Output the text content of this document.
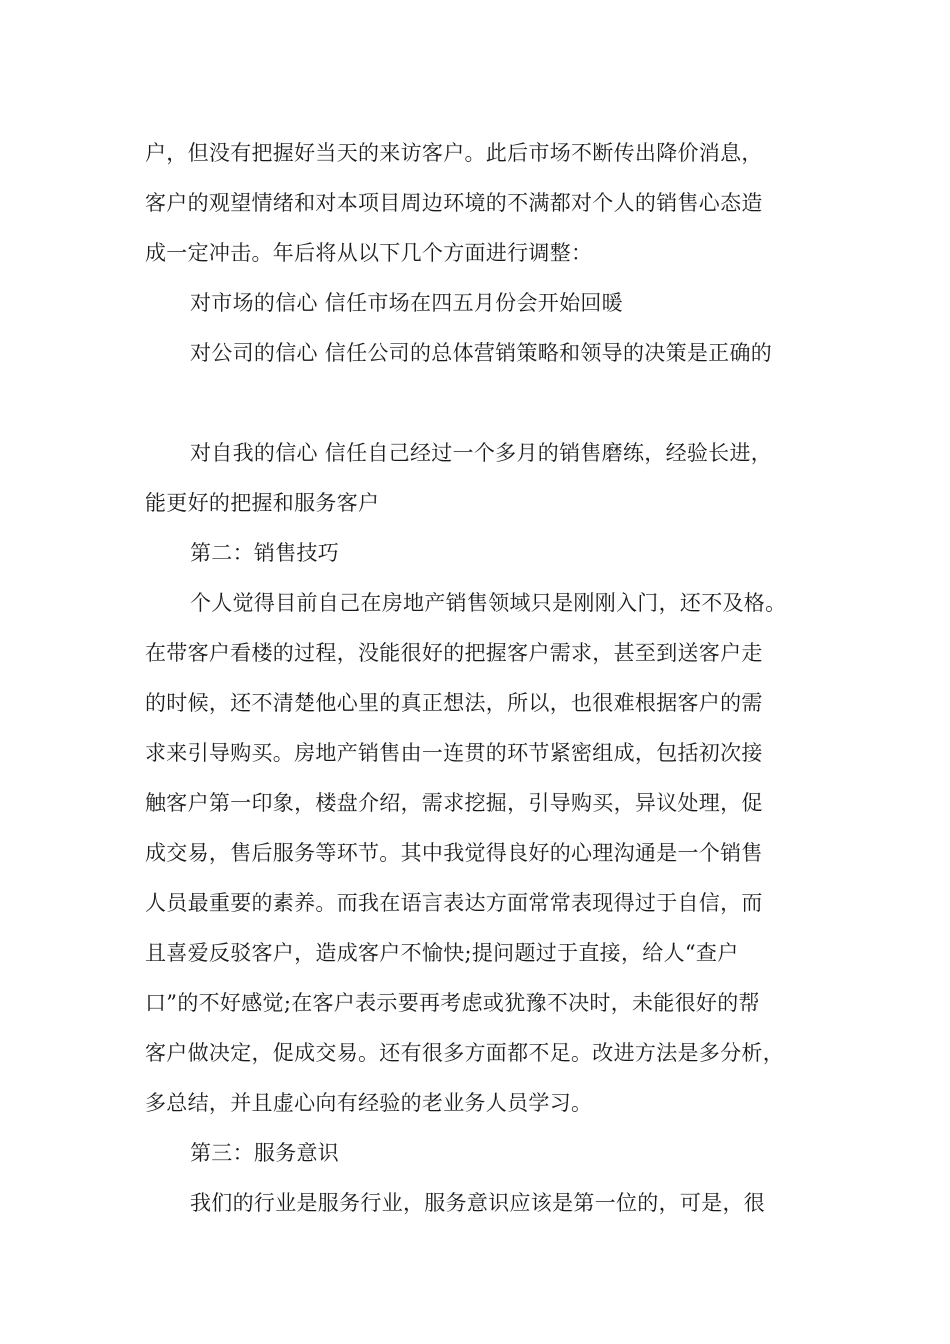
户，但没有把握好当天的来访客户。此后市场不断传出降价消息，
客户的观望情绪和对本项目周边环境的不满都对个人的销售心态造
成一定冲击。年后将从以下几个方面进行调整：
对市场的信心 信任市场在四五月份会开始回暖
对公司的信心 信任公司的总体营销策略和领导的决策是正确的
对自我的信心 信任自己经过一个多月的销售磨练，经验长进，
能更好的把握和服务客户
第二：销售技巧
个人觉得目前自己在房地产销售领域只是刚刚入门，还不及格。
在带客户看楼的过程，没能很好的把握客户需求，甚至到送客户走
的时候，还不清楚他心里的真正想法，所以，也很难根据客户的需
求来引导购买。房地产销售由一连贯的环节紧密组成，包括初次接
触客户第一印象，楼盘介绍，需求挖掘，引导购买，异议处理，促
成交易，售后服务等环节。其中我觉得良好的心理沟通是一个销售
人员最重要的素养。而我在语言表达方面常常表现得过于自信，而
且喜爱反驳客户，造成客户不愉快;提问题过于直接，给人“查户
口”的不好感觉;在客户表示要再考虑或犹豫不决时，未能很好的帮
客户做决定，促成交易。还有很多方面都不足。改进方法是多分析，
多总结，并且虚心向有经验的老业务人员学习。
第三：服务意识
我们的行业是服务行业，服务意识应该是第一位的，可是，很
